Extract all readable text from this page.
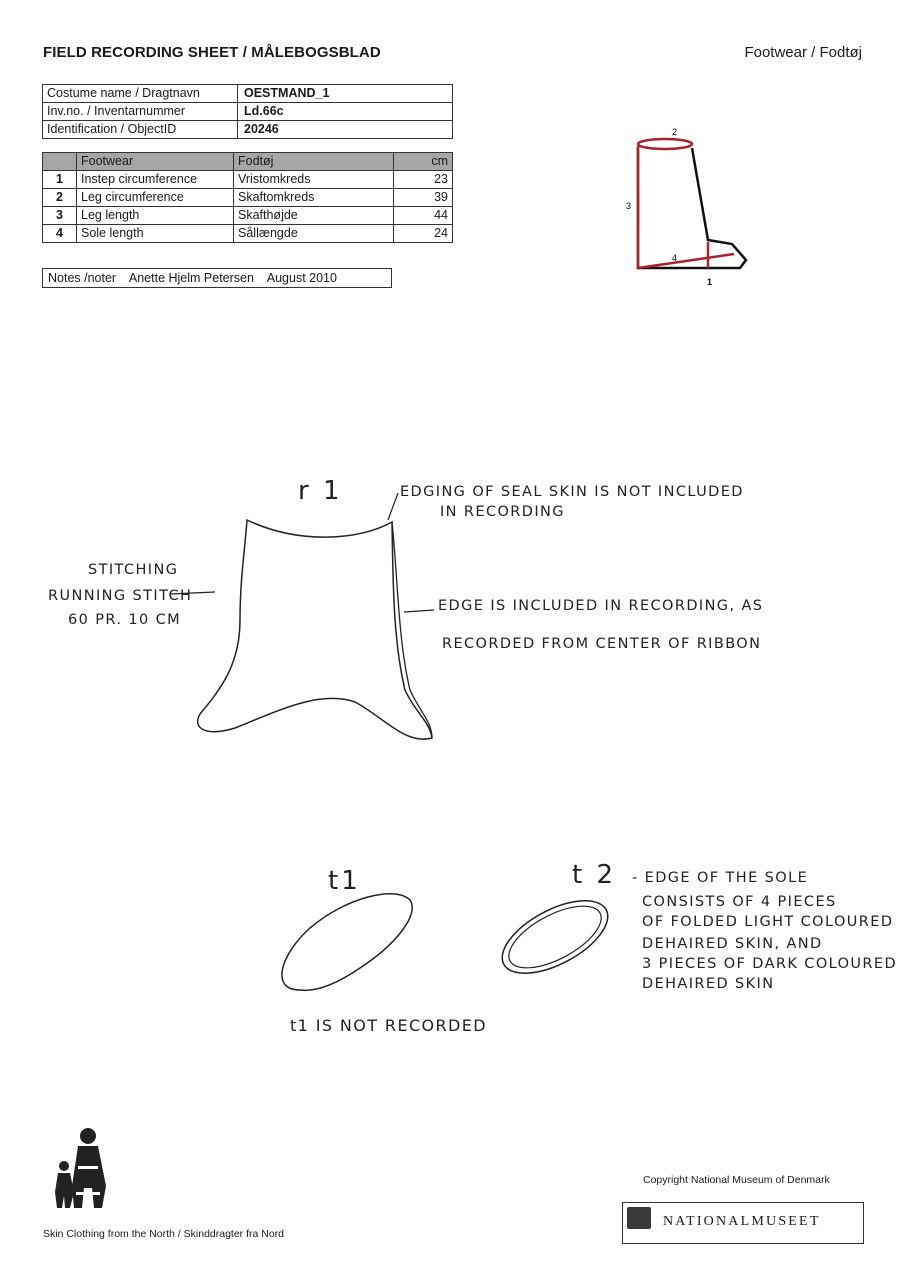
FIELD RECORDING SHEET / MÅLEBOGSBLAD	Footwear / Fodtøj
Costume name / Dragtnavn	OESTMAND_1
Inv.no. / Inventarnummer	Ld.66c
Identification / ObjectID	20246
	Footwear	Fodtøj	cm
1	Instep circumference	Vristomkreds	23
2	Leg circumference	Skaftomkreds	39
3	Leg length	Skafthøjde	44
4	Sole length	Sållængde	24
Notes /noter Anette Hjelm Petersen August 2010	1
2
3
4
r 1	EDGING OF SEAL SKIN IS NOT INCLUDED
IN RECORDING
STITCHING
RUNNING STITCH
60 PR. 10 CM
EDGE IS INCLUDED IN RECORDING, AS
RECORDED FROM CENTER OF RIBBON
t1	t 2 - EDGE OF THE SOLE
CONSISTS OF 4 PIECES
OF FOLDED LIGHT COLOURED
DEHAIRED SKIN, AND
3 PIECES OF DARK COLOURED
DEHAIRED SKIN
t1 IS NOT RECORDED
Skin Clothing from the North / Skinddragter fra Nord
Copyright National Museum of Denmark
NATIONALMUSEET
